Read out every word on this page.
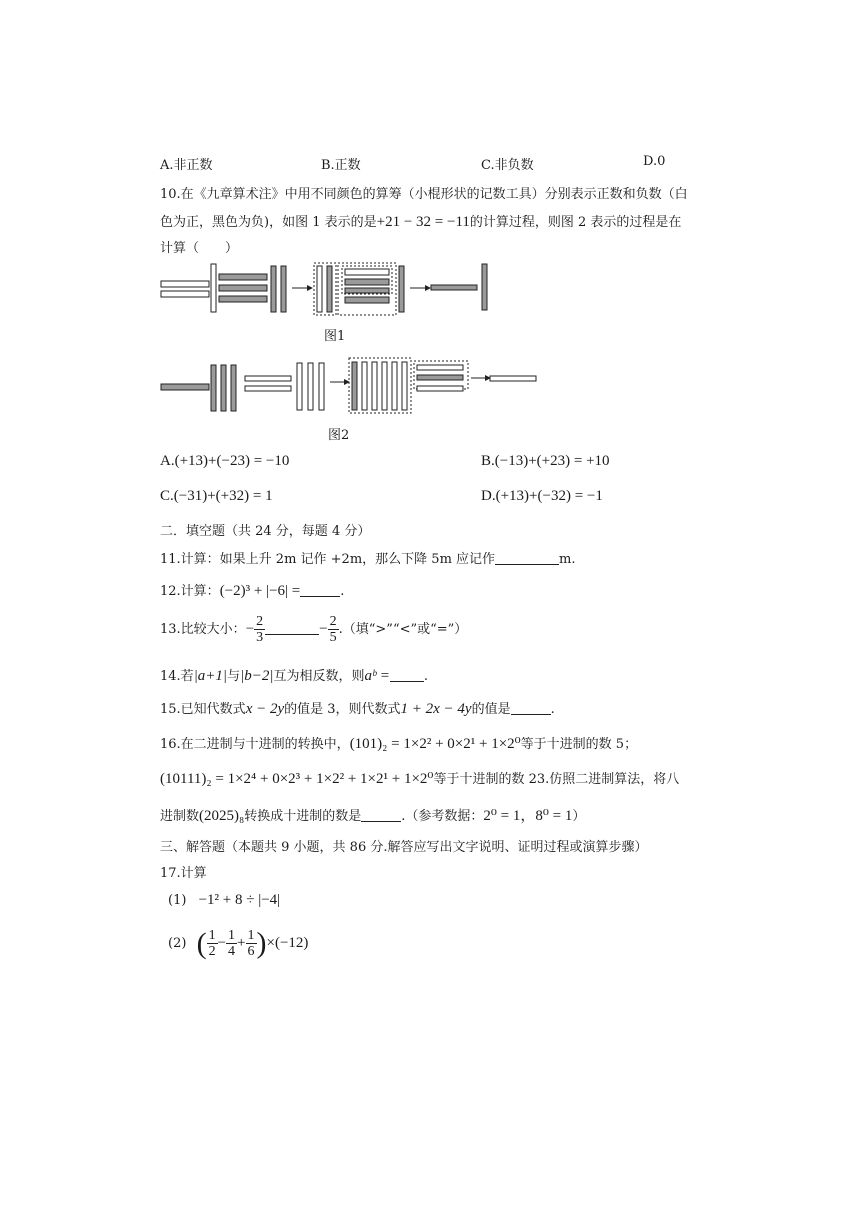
A.非正数	B.正数	C.非负数	D.0
10.在《九章算术注》中用不同颜色的算筹（小棍形状的记数工具）分别表示正数和负数（白
色为正，黑色为负)，如图 1 表示的是+21 − 32 = −11的计算过程，则图 2 表示的过程是在
计算（　　）
图1
图2
A.(+13)+(−23) = −10	B.(−13)+(+23) = +10
C.(−31)+(+32) = 1	D.(+13)+(−32) = −1
二．填空题（共 24 分，每题 4 分）
11.计算：如果上升 2m 记作 +2m，那么下降 5m 应记作	m.
12.计算：(−2)³ + |−6| =	.
13.比较大小：− $\frac{2}{3}$	− $\frac{2}{5}$ .（填“>”“<”或“=”）
14.若|a+1|与|b−2|互为相反数，则aᵇ =	.
15.已知代数式x − 2y的值是 3，则代数式1 + 2x − 4y的值是	.
16.在二进制与十进制的转换中，(101)₂ = 1×2² + 0×2¹ + 1×2⁰等于十进制的数 5；
(10111)₂ = 1×2⁴ + 0×2³ + 1×2² + 1×2¹ + 1×2⁰等于十进制的数 23.仿照二进制算法，将八
进制数(2025)₈转换成十进制的数是	.（参考数据：2⁰ = 1，8⁰ = 1）
三、解答题（本题共 9 小题，共 86 分.解答应写出文字说明、证明过程或演算步骤）
17.计算
(1) −1² + 8 ÷ |−4|
(2) ( $\frac{1}{2} - \frac{1}{4} + \frac{1}{6} )\times(-12)$
